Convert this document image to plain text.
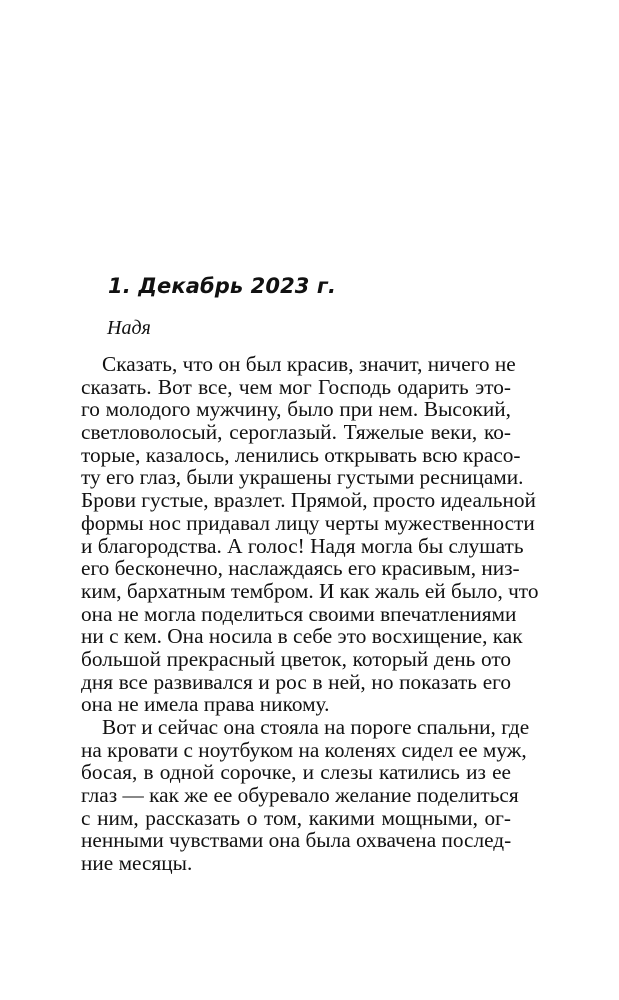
1. Декабрь 2023 г.
Надя
Сказать, что он был красив, значит, ничего не
сказать. Вот все, чем мог Господь одарить это-
го молодого мужчину, было при нем. Высокий,
светловолосый, сероглазый. Тяжелые веки, ко-
торые, казалось, ленились открывать всю красо-
ту его глаз, были украшены густыми ресницами.
Брови густые, вразлет. Прямой, просто идеальной
формы нос придавал лицу черты мужественности
и благородства. А голос! Надя могла бы слушать
его бесконечно, наслаждаясь его красивым, низ-
ким, бархатным тембром. И как жаль ей было, что
она не могла поделиться своими впечатлениями
ни с кем. Она носила в себе это восхищение, как
большой прекрасный цветок, который день ото
дня все развивался и рос в ней, но показать его
она не имела права никому.
Вот и сейчас она стояла на пороге спальни, где
на кровати с ноутбуком на коленях сидел ее муж,
босая, в одной сорочке, и слезы катились из ее
глаз — как же ее обуревало желание поделиться
с ним, рассказать о том, какими мощными, ог-
ненными чувствами она была охвачена послед-
ние месяцы.
